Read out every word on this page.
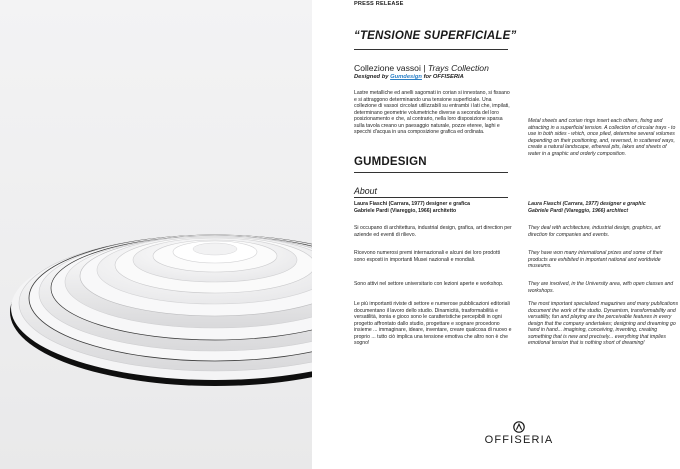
PRESS RELEASE
“TENSIONE SUPERFICIALE”
Collezione vassoi | Trays Collection
Designed by Gumdesign for OFFISERIA
Lastre metalliche ed anelli sagomati in corian si innestano, si fissano e si attraggono determinando una tensione superficiale. Una collezione di vassoi circolari utilizzabili su entrambi i lati che, impilati, determinano geometrie volumetriche diverse a seconda del loro posizionamento e che, al contrario, nella loro disposizione sparsa sulla tavola creano un paesaggio naturale, pozze eteree, laghi e specchi d'acqua in una composizione grafica ed ordinata.
Metal sheets and corian rings insert each others, fixing and attracting in a superficial tension. A collection of circular trays - to use in both sides - which, once piled, determine several volumes depending on their positioning, and, reversed, in scattered ways, create a natural landscape, ethereal pits, lakes and sheets of water in a graphic and orderly composition.
GUMDESIGN
About

Laura Fiaschi (Carrara, 1977) designer e grafica

Gabriele Pardi (Viareggio, 1966) architetto

Laura Fiaschi (Carrara, 1977) designer e graphic

Gabriele Pardi (Viareggio, 1966) architect

Si occupano di architettura, industrial design, grafica, art direction per aziende ed eventi di rilievo.
They deal with architecture, industrial design, graphics, art direction for companies and events.
Ricevono numerosi premi internazionali e alcuni dei loro prodotti sono esposti in importanti Musei nazionali e mondiali.
They have won many international prizes and some of their products are exhibited in important national and worldwide museums.
Sono attivi nel settore universitario con lezioni aperte e workshop.	They are involved, in the University area, with open classes and workshops.
Le più importanti riviste di settore e numerose pubblicazioni editoriali documentano il lavoro dello studio. Dinamicità, trasformabilità e versatilità, ironia e gioco sono le caratteristiche percepibili in ogni progetto affrontato dallo studio, progettare e sognare procedono insieme ... immaginare, ideare, inventare, creare qualcosa di nuovo e proprio ... tutto ciò implica una tensione emotiva che altro non è che sogno!
The most important specialized magazines and many publications document the work of the studio. Dynamism, transformability and versatility, fun and playing are the perceivable features in every design that the company undertakes; designing and dreaming go hand in hand... imagining, conceiving, inventing, creating something that is new and precisely... everything that implies emotional tension that is nothing short of dreaming!
OFFISERIA
